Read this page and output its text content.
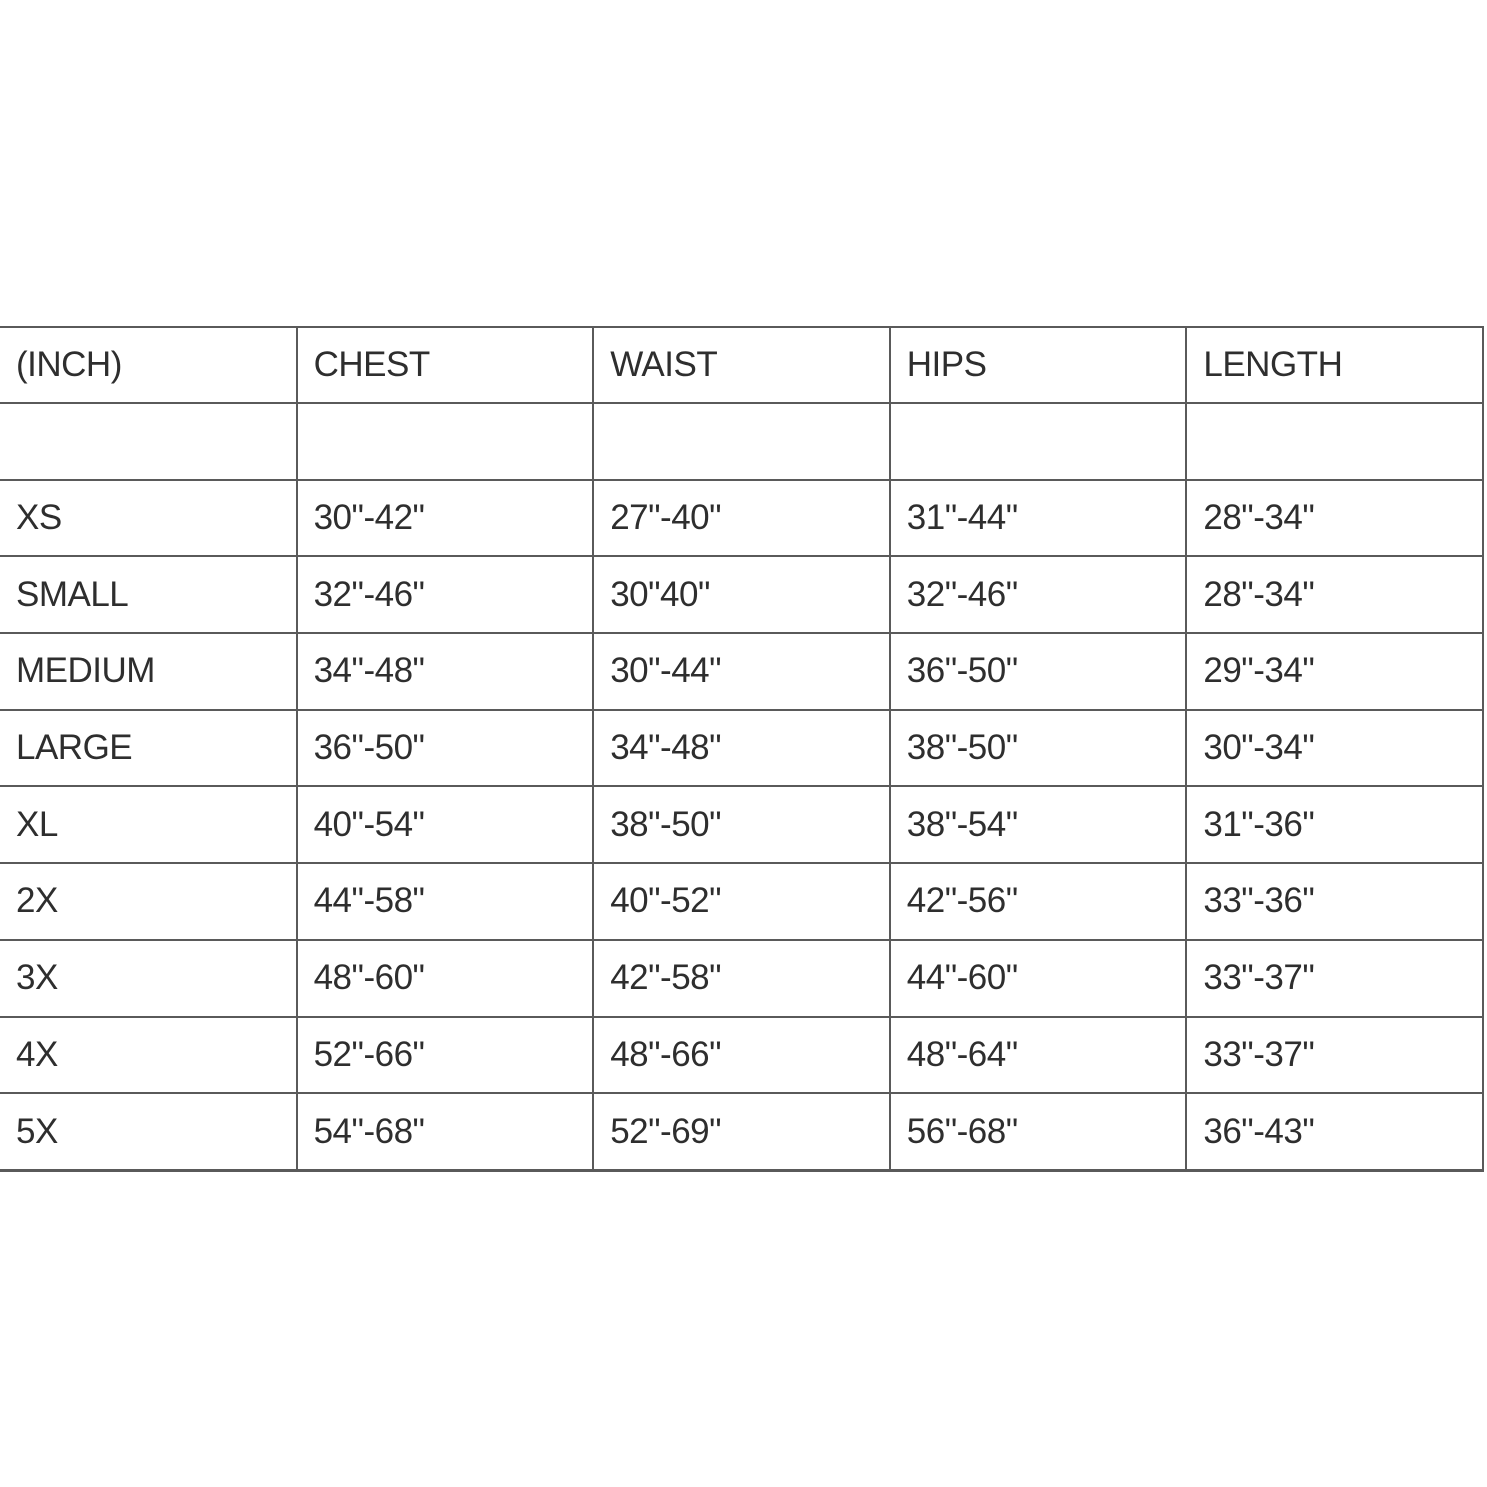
(INCH)	CHEST	WAIST	HIPS	LENGTH

XS	30"-42"	27"-40"	31"-44"	28"-34"
SMALL	32"-46"	30"40"	32"-46"	28"-34"
MEDIUM	34"-48"	30"-44"	36"-50"	29"-34"
LARGE	36"-50"	34"-48"	38"-50"	30"-34"
XL	40"-54"	38"-50"	38"-54"	31"-36"
2X	44"-58"	40"-52"	42"-56"	33"-36"
3X	48"-60"	42"-58"	44"-60"	33"-37"
4X	52"-66"	48"-66"	48"-64"	33"-37"
5X	54"-68"	52"-69"	56"-68"	36"-43"
